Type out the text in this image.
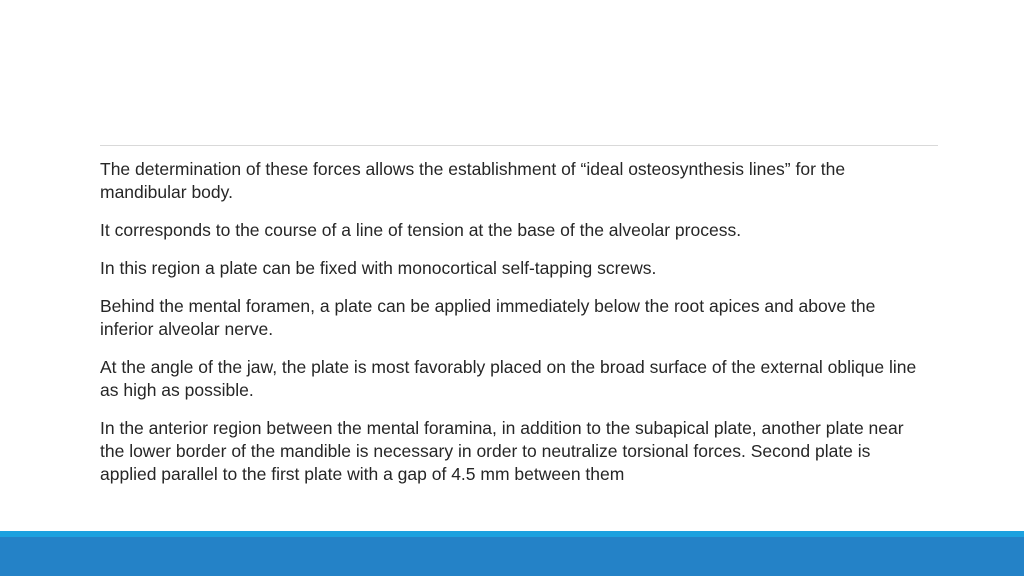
The determination of these forces allows the establishment of “ideal osteosynthesis lines” for the mandibular body.

It corresponds to the course of a line of tension at the base of the alveolar process.

In this region a plate can be fixed with monocortical self-tapping screws.

Behind the mental foramen, a plate can be applied immediately below the root apices and above the inferior alveolar nerve.

At the angle of the jaw, the plate is most favorably placed on the broad surface of the external oblique line as high as possible.

In the anterior region between the mental foramina, in addition to the subapical plate, another plate near the lower border of the mandible is necessary in order to neutralize torsional forces. Second plate is applied parallel to the first plate with a gap of 4.5 mm between them
